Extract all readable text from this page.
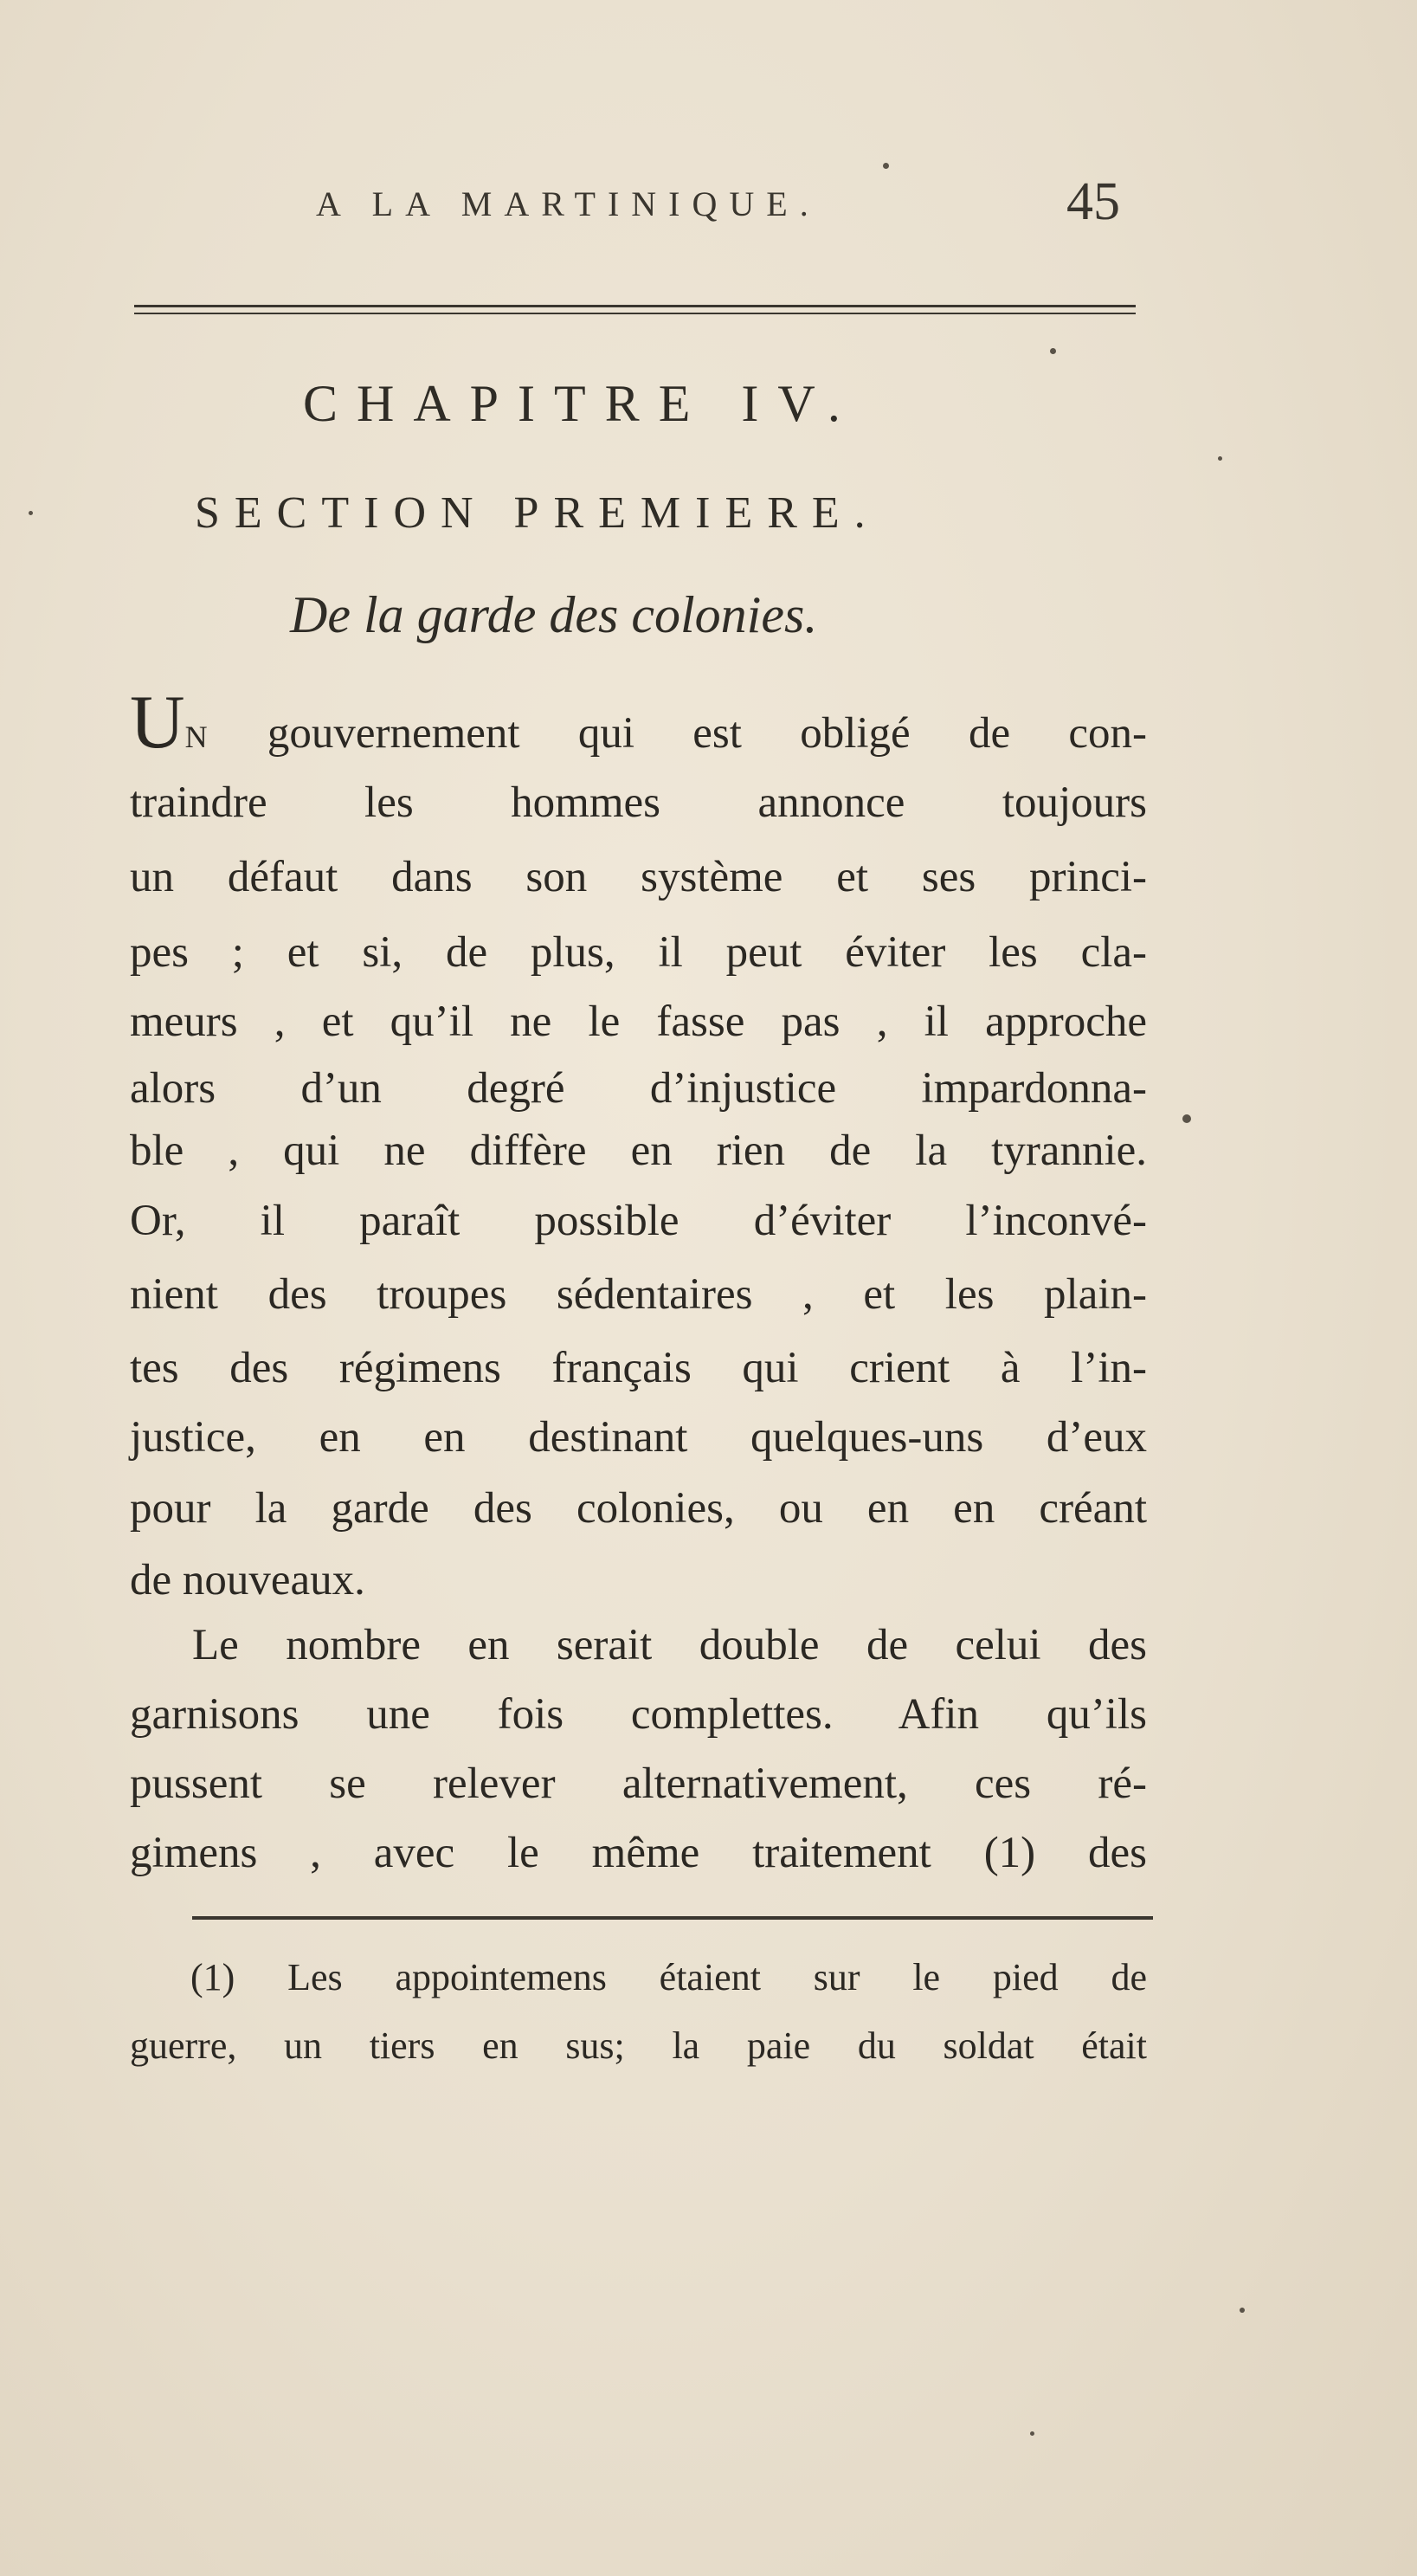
A LA MARTINIQUE.	45
CHAPITRE IV.
SECTION PREMIERE.
De la garde des colonies.
UN gouvernement qui est obligé de con-
traindre les hommes annonce toujours
un défaut dans son système et ses princi-
pes ; et si, de plus, il peut éviter les cla-
meurs , et qu’il ne le fasse pas , il approche
alors d’un degré d’injustice impardonna-
ble , qui ne diffère en rien de la tyrannie.
Or, il paraît possible d’éviter l’inconvé-
nient des troupes sédentaires , et les plain-
tes des régimens français qui crient à l’in-
justice, en en destinant quelques-uns d’eux
pour la garde des colonies, ou en en créant
de nouveaux.
Le nombre en serait double de celui des
garnisons une fois complettes. Afin qu’ils
pussent se relever alternativement, ces ré-
gimens , avec le même traitement (1) des
(1) Les appointemens étaient sur le pied de
guerre, un tiers en sus; la paie du soldat était
